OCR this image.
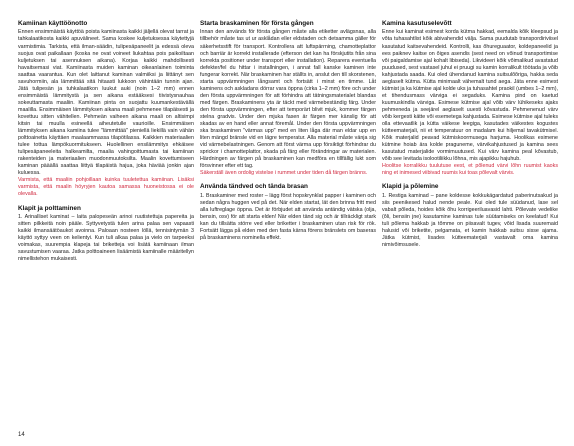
Kamiinan käyttöönotto

Ennen ensimmäistä käyttöä poista kamiinasta kaikki jäljellä olevat tarrat ja tahkalaatikosta kaikki apuvälineet. Sama koskee kuljetuksessa käytettyjä varmistimia. Tarkista, että ilman-säädin, tulipesäpaneelit ja edessä oleva suojus ovat paikallaan (koska ne ovat voineet liukahtaa pois paikoiltaan kuljetuksen tai asennuksen aikana). Korjaa kaikki mahdollisesti havaitsemasi viat. Kamiinasta muiden kaminan oikeanlainen toiminta saattaa vaarantua. Kun olet laittanut kaminan valmiiksi ja liittänyt sen savuhormiin, ala lämmittää sitä hitaasti lukkoon vähintään tunnin ajan. Jätä tulipesän ja tuhkalaatikon luukut auki (noin 1–2 mm) ennen ensimmäistä lämmitystä ja sen aikana estääksesi tiivistysnauhaa sokeuttamasta maaliin. Kamiinan pinta on suojattu kuumankestävällä maalilla. Ensimmäisen lämmityksen aikana maali pehmenee tilapäisesti ja kovettuu sitten vähitellen. Pehmeän vaiheen aikana maali on altisimpi kitsin tai muulla esineellä aiheutetulle vaurioille. Ensimmäisen lämmityksen aikana kamiina tulee "lämmittää" pieniellä liekillä vain vähän polttoainetta käyttäen maalaammassa tilapötilassa. Kaikkien materiaalien tulee tottua lämpökuormitukseen. Huolellinen ensilämmitys ehkäisee tulipesäpaneeleita halkeamilta, maalia vahingoittumasta tai kamiinan rakenteiden ja materiaalien muodonmuutoksilta. Maalin kovettumiseen kaminan pääällä saattaa liittyä tilapäistä hajua, joka häviää jonkin ajan kuluessa.

Varmista, että maaliin pohjoillaan kuinka tuuletettua kamiinan. Lisäksi varmista, että maalin höyryjen kautoa samassa huoneistossa ei ole olevalla.

Klapit ja polttaminen

1. Arinalliset kaminat – laita palopeseän arinoi ruutistettuja papereita ja sitten pilkkeitä noin pääle. Syttyvetystä tulen arina palaa sen vapaasti kaikki ilmansäätöaukot avoinna. Paloaan nosteen löllä, tennisintymän 3 käyttö syttyy veen on kelientyi. Kun tuli alkaa palaa ja vielo on tarpeeksi voimakas, suurempia klapeja tai briketteja voi lisätä kamiinaan ilman savustumisen vaaraa. Jatka polttoaineen lisäämistä kamiinalle määritellyn nimellistehon mukaisesti.

Starta braskaminen för första gången

Innan den används för första gången måste alla etiketter avlägsnas, alla tillbehör måste tas ut ur asklådan eller eldstaden och detsamma gäller för säkerhetsstift för transport. Kontrollera att luftspärrning, chamotteplattor och barriär är korrekt installerade (efterson det kan ha förskjutits från sina korrekta positioner under transport eller installation). Reparera eventuella defekter/fel du hittar i installningen, i annat fall kanske kaminen inte fungerar korrekt. När braskaminen har ställts in, anslut den till skorstenen, starta uppvärmningen långsamt och fortsätt i minst en timme. Låt kaminens och askladans dörrar vara öppna (cirka 1–2 mm) före och under den första uppvärmningen för att förhindra att tätningsmaterialet blandas med färgen. Braskaminens yta är täckt med värmebeständig färg. Under den första uppvärmningen, efter att temporärt blivit mjuk, kommer färgen stelna gradvis. Under den mjuka fasen är färgen mer känslig för att skadas av en hand eller annat föremål. Under den första uppvärmningen ska braskaminen "värmas upp" med en liten låga där man eldar upp en liten mängd bränsle vid en lägre temperatur. Alla material måste vänja sig vid värmebelastningen. Genom att först värma upp försiktigt förhindrar du sprickor i chamotteplattor, skada på färg eller förändringar av materialen. Härdningen av färgen på braskaminen kan medföra en tillfällig lukt som försvinner efter ett tag.

Säkerställ även ordolig vistelse i rummet under tiden då färgen bränns.

Använda tändved och tända brasan

1. Braskaminer med roster – lägg först hopskrynklat papper i kaminen och sedan några huggen ved på det. När elden startat, lät den brinna fritt med alla luftreglage öppna. Det är förbjudet att använda antändig vätska (olja, bensin, osv) för att starta elden! När elden tänd sig och är tillräckligt stark kan du tillsätta större ved eller briketter i braskaminen utan risk för rök. Fortsätt lägga på elden med den fasta kärna förens bränslets om baseras på braskaminens nominella effekt.

Kamina kasutuselevõtt

Enne kui kaminat esimest korda kütma hakkad, eemalda kõik kleepsud ja võta tuhasahtlist kõik abivahendid välja. Sama puudutab transpordiriviisel kasutatud kaitsevahendeid. Kontrolli, kas õhureguaator, koldepaneelid ja ees paiknev kaitse on õiges asendis (sest need on võinud transportimise või paigaldamise ajal kohalt libiseda). Likvideeri kõik võimalikud avastatud puudused, sest vastasel juhul ei pruugi su kamin korralikult töötada ja võib kahjustada saada. Kui oled ühendanud kamina suitsulõõriga, hakka seda aeglaselt kütma. Kütta minimaalt vähemalt tund aega. Jäta enne esimest kütmist ja ka kütmise ajal kolde uks ja tuhasahtel praokil (umbes 1–2 mm), et tihendusmass värviga ei segaduks. Kamina pind on kaetud kuumuskindla värviga. Esimese kütmise ajal võib värv lühikeseks ajaks pehmeneda ja seejärel aeglaselt uuesti kõvastuda. Pehmenenud värv võib kergesti kätte või esemetega kahjustada. Esimese kütmise ajal tuleks olla ettevaatlik ja kütta väikese leegiga, kasutades väikestes kogustes kütteematerjali, nii et temperatuur on madalam kui hiljemal tavakütmisel. Kõik materjalid peavad kütmiskoormusega harjuma. Hoolikas esimene kütmine hoiab ära kolde praguneme, värvikahjustused ja kamina sees kasutatud materjalide vormimuutused. Kui värv kamina peal kõvastub, võib see levitada isolootiliikku lõhna, mis ajapikku hajuhub.

Hoolitse korralikku tuulutuse eest, et põlenud värvi lõhn ruumist kaoks ning et inimesed viibivad ruumis kui toas põlevalt värvis.

Klapid ja põlemine

1. Restiga kaminad – pane koldesse kokkukägardatud paberinutsakud ja siis peenikesed halud nende peale. Kui oled tule süüdanud, lase sel vabalt põleda, hoides kõik õhu korrigeeriluavasid lahti. Põlevate vedelike (õli, bensiin jne) kasutamine kaminas tule süütamiseks on keelatud! Kui tuli põlema hakkab ja tõmme on piisavalt tugev, võid lisada suuremaid halusid või briketite, pelgamata, et kamin hakkab suitsu sisse ajama. Jätka kütmist, lisades kütteematerjali vastavalt oma kamina nimivõimsusele.

14
